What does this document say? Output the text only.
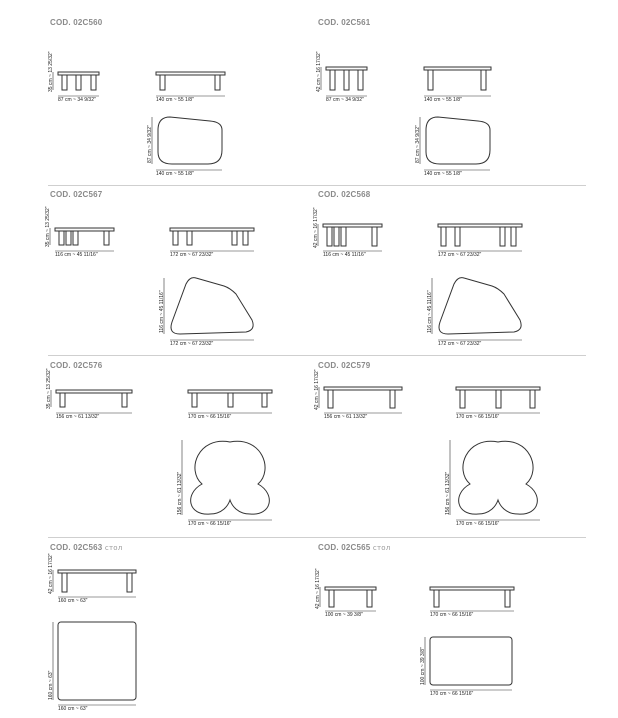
COD. 02C560	COD. 02C561
COD. 02C567	COD. 02C568
COD. 02C576	COD. 02C579
COD. 02C563 стол	COD. 02C565 стол
35 cm ~ 13 25/32"
87 cm ~ 34 9/32"	140 cm ~ 55 1/8"
87 cm ~ 34 9/32"
140 cm ~ 55 1/8"
42 cm ~ 16 17/32"
87 cm ~ 34 9/32"	140 cm ~ 55 1/8"
87 cm ~ 34 9/32"
140 cm ~ 55 1/8"
35 cm ~ 13 25/32"
116 cm ~ 45 11/16"	172 cm ~ 67 23/32"
116 cm ~ 45 11/16"
172 cm ~ 67 23/32"
42 cm ~ 16 17/32"
116 cm ~ 45 11/16"	172 cm ~ 67 23/32"
116 cm ~ 45 11/16"
172 cm ~ 67 23/32"
35 cm ~ 13 25/32"
156 cm ~ 61 13/32"	170 cm ~ 66 15/16"
156 cm ~ 61 13/32"
170 cm ~ 66 15/16"
42 cm ~ 16 17/32"
156 cm ~ 61 13/32"	170 cm ~ 66 15/16"
156 cm ~ 61 13/32"
170 cm ~ 66 15/16"
42 cm ~ 16 17/32"
160 cm ~ 63"
160 cm ~ 63"
160 cm ~ 63"
42 cm ~ 16 17/32"
100 cm ~ 39 3/8"	170 cm ~ 66 15/16"
100 cm ~ 39 3/8"
170 cm ~ 66 15/16"
